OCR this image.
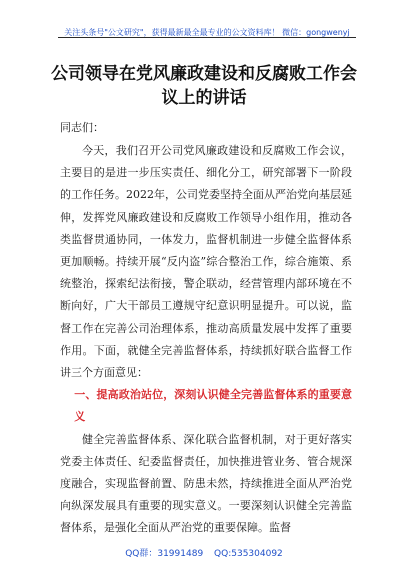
关注头条号"公文研究"，获得最新最全最专业的公文资料库！ 微信：gongwenyj
公司领导在党风廉政建设和反腐败工作会
议上的讲话
同志们：

今天，我们召开公司党风廉政建设和反腐败工作会议，主要目的是进一步压实责任、细化分工，研究部署下一阶段的工作任务。2022年，公司党委坚持全面从严治党向基层延伸，发挥党风廉政建设和反腐败工作领导小组作用，推动各类监督贯通协同，一体发力，监督机制进一步健全监督体系更加顺畅。持续开展“反内盗”综合整治工作，综合施策、系统整治，探索纪法衔接，警企联动，经营管理内部环境在不断向好，广大干部员工遵规守纪意识明显提升。可以说，监督工作在完善公司治理体系，推动高质量发展中发挥了重要作用。下面，就健全完善监督体系，持续抓好联合监督工作讲三个方面意见：

一、提高政治站位，深刻认识健全完善监督体系的重要意义

健全完善监督体系、深化联合监督机制，对于更好落实党委主体责任、纪委监督责任，加快推进管业务、管合规深度融合，实现监督前置、防患未然，持续推进全面从严治党向纵深发展具有重要的现实意义。一要深刻认识健全完善监督体系，是强化全面从严治党的重要保障。监督

QQ群：31991489 QQ:535304092
